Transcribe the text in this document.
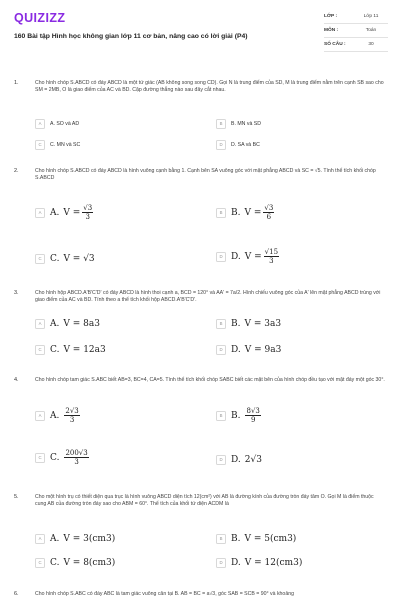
QUIZIZZ
160 Bài tập Hình học không gian lớp 11 cơ bản, nâng cao có lời giải (P4)
LỚP :	Lớp 11
MÔN :	Toán
SỐ CÂU :	30
1.	Cho hình chóp S.ABCD có đáy ABCD là một tứ giác (AB không song song CD). Gọi N là trung điểm của SD, M là trung điểm nằm trên cạnh SB sao cho SM = 2MB, O là giao điểm của AC và BD. Cặp đường thẳng nào sau đây cắt nhau.
A	A. SO và AD	B	B. MN và SD
C	C. MN và SC	D	D. SA và BC
2.	Cho hình chóp S.ABCD có đáy ABCD là hình vuông cạnh bằng 1. Cạnh bên SA vuông góc với mặt phẳng ABCD và SC = √5. Tính thể tích khối chóp S.ABCD
A A. $V = \frac{√3}{3}$	B B. $V = \frac{√3}{6}$
C C. V = √3	D D. $V = \frac{√15}{3}$
3.	Cho hình hộp ABCD.A'B'C'D' có đáy ABCD là hình thoi cạnh a, BCD = 120° và AA' = 7a/2. Hình chiếu vuông góc của A' lên mặt phẳng ABCD trùng với giao điểm của AC và BD. Tính theo a thể tích khối hộp ABCD.A'B'C'D'.
A A. V = 8a 3	B B. V = 3a 3
C C. V = 12a 3	D D. V = 9a 3
4.	Cho hình chóp tam giác S.ABC biết AB=3, BC=4, CA=5. Tính thể tích khối chóp SABC biết các mặt bên của hình chóp đều tạo với mặt đáy một góc 30°.
A A. $\frac{2√3}{3}$	B B. $\frac{8√3}{9}$
C C. $\frac{200√3}{3}$	D D. 2√3
5.	Cho một hình trụ có thiết diện qua trục là hình vuông ABCD diện tích 12(cm²) với AB là đường kính của đường tròn đáy tâm O. Gọi M là điểm thuộc cung AB của đường tròn đáy sao cho ABM = 60°. Thể tích của khối tứ diện ACDM là
A A. V = 3(cm 3 )	B B. V = 5(cm 3 )
C C. V = 8(cm 3 )	D D. V = 12(cm 3 )
6.	Cho hình chóp S.ABC có đáy ABC là tam giác vuông cân tại B. AB = BC = a√3, góc SAB = SCB = 90° và khoảng
